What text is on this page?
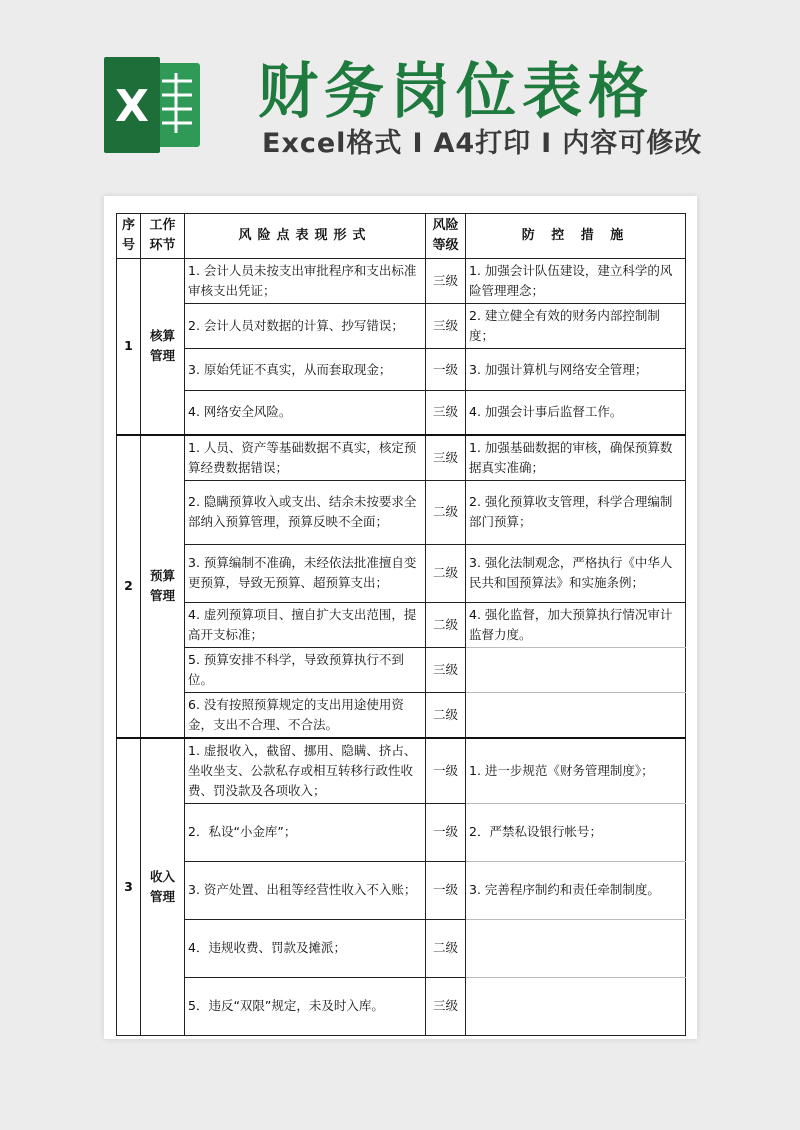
X 财务岗位表格
Excel格式 I A4打印 I 内容可修改
序号	工作环节	风险点表现形式	风险等级	防 控 措 施
1	核算管理	1. 会计人员未按支出审批程序和支出标准审核支出凭证；	三级	1. 加强会计队伍建设，建立科学的风险管理理念；
		2. 会计人员对数据的计算、抄写错误；	三级	2. 建立健全有效的财务内部控制制度；
		3. 原始凭证不真实，从而套取现金；	一级	3. 加强计算机与网络安全管理；
		4. 网络安全风险。	三级	4. 加强会计事后监督工作。
2	预算管理	1. 人员、资产等基础数据不真实，核定预算经费数据错误；	三级	1. 加强基础数据的审核，确保预算数据真实准确；
		2. 隐瞒预算收入或支出、结余未按要求全部纳入预算管理，预算反映不全面；	二级	2. 强化预算收支管理，科学合理编制部门预算；
		3. 预算编制不准确，未经依法批准擅自变更预算，导致无预算、超预算支出；	二级	3. 强化法制观念，严格执行《中华人民共和国预算法》和实施条例；
		4. 虚列预算项目、擅自扩大支出范围，提高开支标准；	二级	4. 强化监督，加大预算执行情况审计监督力度。
		5. 预算安排不科学，导致预算执行不到位。	三级	
		6. 没有按照预算规定的支出用途使用资金，支出不合理、不合法。	二级	
3	收入管理	1. 虚报收入，截留、挪用、隐瞒、挤占、坐收坐支、公款私存或相互转移行政性收费、罚没款及各项收入；	一级	1. 进一步规范《财务管理制度》；
		2．私设“小金库”；	一级	2．严禁私设银行帐号；
		3. 资产处置、出租等经营性收入不入账；	一级	3. 完善程序制约和责任牵制制度。
		4．违规收费、罚款及摊派；	二级	
		5．违反“双限”规定，未及时入库。	三级	
